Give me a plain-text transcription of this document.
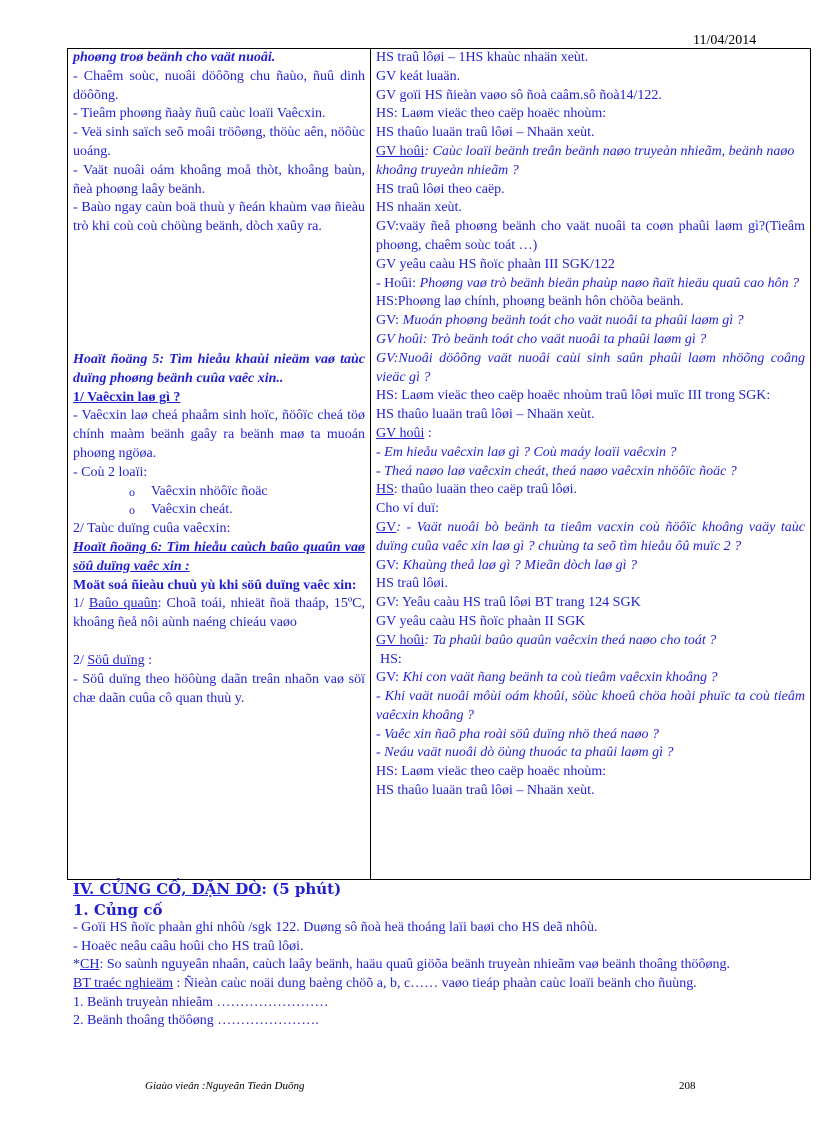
11/04/2014

phoøng troø beänh cho vaät nuoâi.

- Chaêm soùc, nuoâi döôõng chu ñaùo, ñuû dinh döôõng.

- Tieâm phoøng ñaày ñuû caùc loaïi Vaêcxin.

- Veä sinh saïch seõ moâi tröôøng, thöùc aên, nöôùc uoáng.

- Vaät nuoâi oám khoâng moå thòt, khoâng baùn, ñeà phoøng laây beänh.

- Baùo ngay caùn boä thuù y ñeán khaùm vaø ñieàu trò khi coù coù chöùng beänh, dòch xaûy ra.

Hoaït ñoäng 5: Tìm hieåu khaùi nieäm vaø taùc duïng phoøng beänh cuûa vaêc xin..

1/ Vaêcxin laø gì ?

- Vaêcxin laø cheá phaåm sinh hoïc, ñöôïc cheá töø chính maàm beänh gaây ra beänh maø ta muoán phoøng ngöøa.

- Coù 2 loaïi:

o Vaêcxin nhöôïc ñoäc

o Vaêcxin cheát.

2/ Taùc duïng cuûa vaêcxin:

Hoaït ñoäng 6: Tìm hieåu caùch baûo quaûn vaø söû duïng vaêc xin :

Moät soá ñieàu chuù yù khi söû duïng vaêc xin:

1/ Baûo quaûn: Choã toái, nhieät ñoä thaáp, 15ºC, khoâng ñeå nôi aùnh naéng chieáu vaøo

2/ Söû duïng :

- Söû duïng theo höôùng daãn treân nhaõn vaø söï chæ daãn cuûa cô quan thuù y.

HS traû lôøi – 1HS khaùc nhaän xeùt.

GV keát luaän.

GV goïi HS ñieàn vaøo sô ñoà caâm.sô ñoà14/122.

HS: Laøm vieäc theo caëp hoaëc nhoùm:

HS thaûo luaän traû lôøi – Nhaän xeùt.

GV hoûi: Caùc loaïi beänh treân beänh naøo truyeàn nhieãm, beänh naøo khoâng truyeàn nhieãm ?

HS traû lôøi theo caëp.

HS nhaän xeùt.

GV:vaäy ñeå phoøng beänh cho vaät nuoâi ta coøn phaûi laøm gì?(Tieâm phoøng, chaêm soùc toát …)

GV yeâu caàu HS ñoïc phaàn III SGK/122

- Hoûi: Phoøng vaø trò beänh bieän phaùp naøo ñaït hieäu quaû cao hôn ?

HS:Phoøng laø chính, phoøng beänh hôn chöõa beänh.

GV: Muoán phoøng beänh toát cho vaät nuoâi ta phaûi laøm gì ?

GV hoûi: Trò beänh toát cho vaät nuoâi ta phaûi laøm gì ?

GV:Nuoâi döôõng vaät nuoâi caùi sinh saûn phaûi laøm nhöõng coâng vieäc gì ?

HS: Laøm vieäc theo caëp hoaëc nhoùm traû lôøi muïc III trong SGK:

HS thaûo luaän traû lôøi – Nhaän xeùt.

GV hoûi :

- Em hieåu vaêcxin laø gì ? Coù maáy loaïi vaêcxin ?

- Theá naøo laø vaêcxin cheát, theá naøo vaêcxin nhöôïc ñoäc ?

HS: thaûo luaän theo caëp traû lôøi.

Cho ví duï:

GV: - Vaät nuoâi bò beänh ta tieâm vacxin coù ñöôïc khoâng vaäy taùc duïng cuûa vaêc xin laø gì ? chuùng ta seõ tìm hieåu ôû muïc 2 ?

GV: Khaùng theå laø gì ? Mieãn dòch laø gì ?

HS traû lôøi.

GV: Yeâu caàu HS traû lôøi BT trang 124 SGK

GV yeâu caàu HS ñoïc phaàn II SGK

GV hoûi: Ta phaûi baûo quaûn vaêcxin theá naøo cho toát ?

HS:

GV: Khi con vaät ñang beänh ta coù tieâm vaêcxin khoâng ?

- Khi vaät nuoâi môùi oám khoûi, söùc khoeû chöa hoài phuïc ta coù tieâm vaêcxin khoâng ?

- Vaêc xin ñaõ pha roài söû duïng nhö theá naøo ?

- Neáu vaät nuoâi dò öùng thuoác ta phaûi laøm gì ?

HS: Laøm vieäc theo caëp hoaëc nhoùm:

HS thaûo luaän traû lôøi – Nhaän xeùt.

IV. CỦNG CỐ, DẶN DÒ: (5 phút)

1. Củng cố

- Goïi HS ñoïc phaàn ghi nhôù /sgk 122. Duøng sô ñoà heä thoáng laïi baøi cho HS deã nhôù.

- Hoaëc neâu caâu hoûi cho HS traû lôøi.

*CH: So saùnh nguyeân nhaân, caùch laây beänh, haäu quaû giöõa beänh truyeàn nhieãm vaø beänh thoâng thöôøng.

BT traéc nghieäm : Ñieàn caùc noäi dung baèng chöõ a, b, c…… vaøo tieáp phaàn caùc loaïi beänh cho ñuùng.

1. Beänh truyeàn nhieãm ……………………

2. Beänh thoâng thöôøng ………………….

Giaùo vieân :Nguyeãn Tieán Duõng	208
